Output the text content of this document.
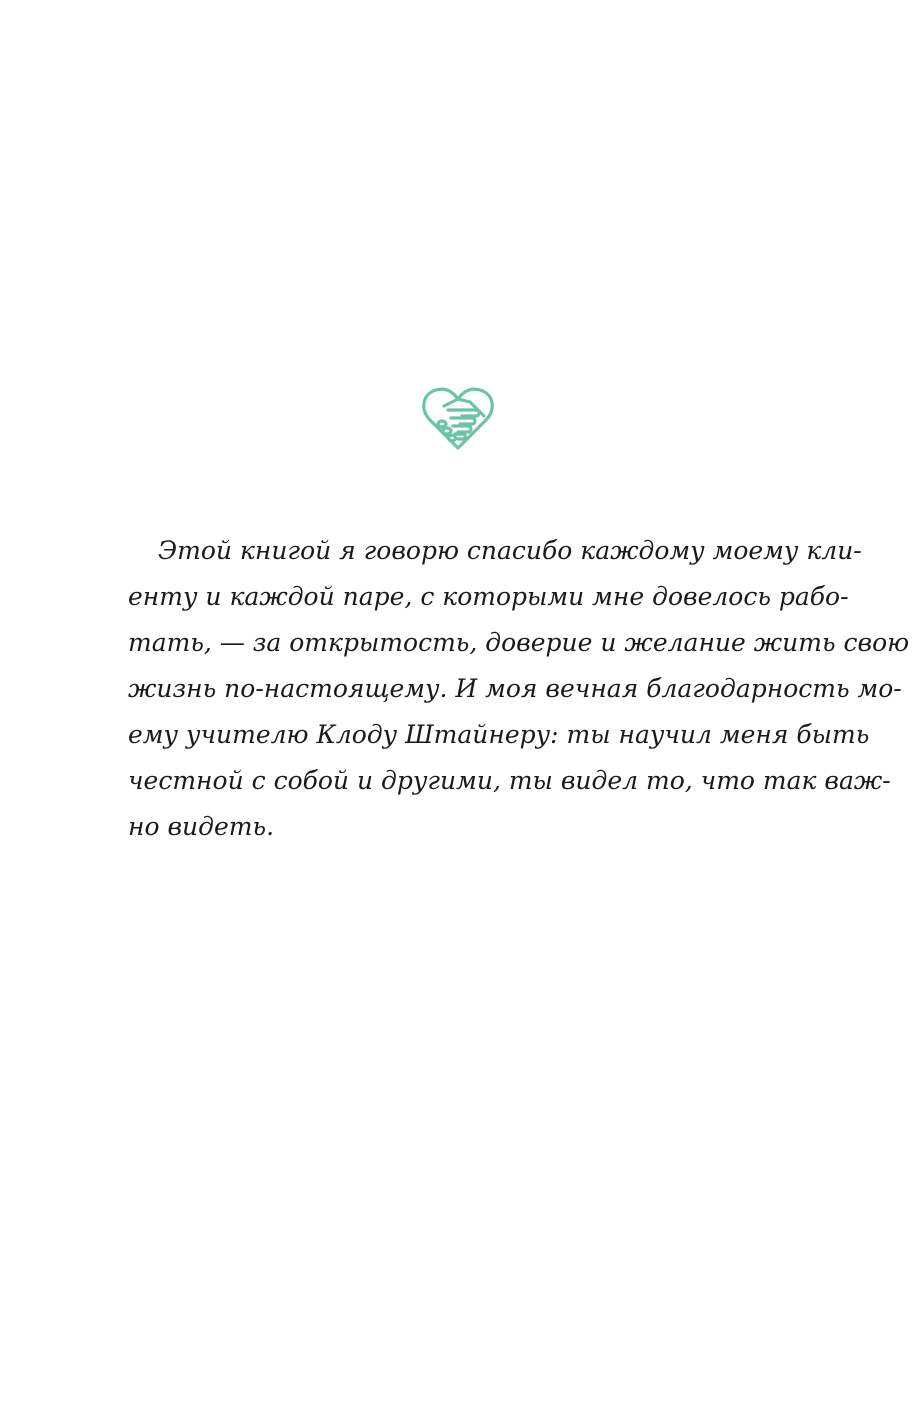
Этой книгой я говорю спасибо каждому моему кли-
енту и каждой паре, с которыми мне довелось рабо-
тать, — за открытость, доверие и желание жить свою
жизнь по-настоящему. И моя вечная благодарность мо-
ему учителю Клоду Штайнеру: ты научил меня быть
честной с собой и другими, ты видел то, что так важ-
но видеть.
